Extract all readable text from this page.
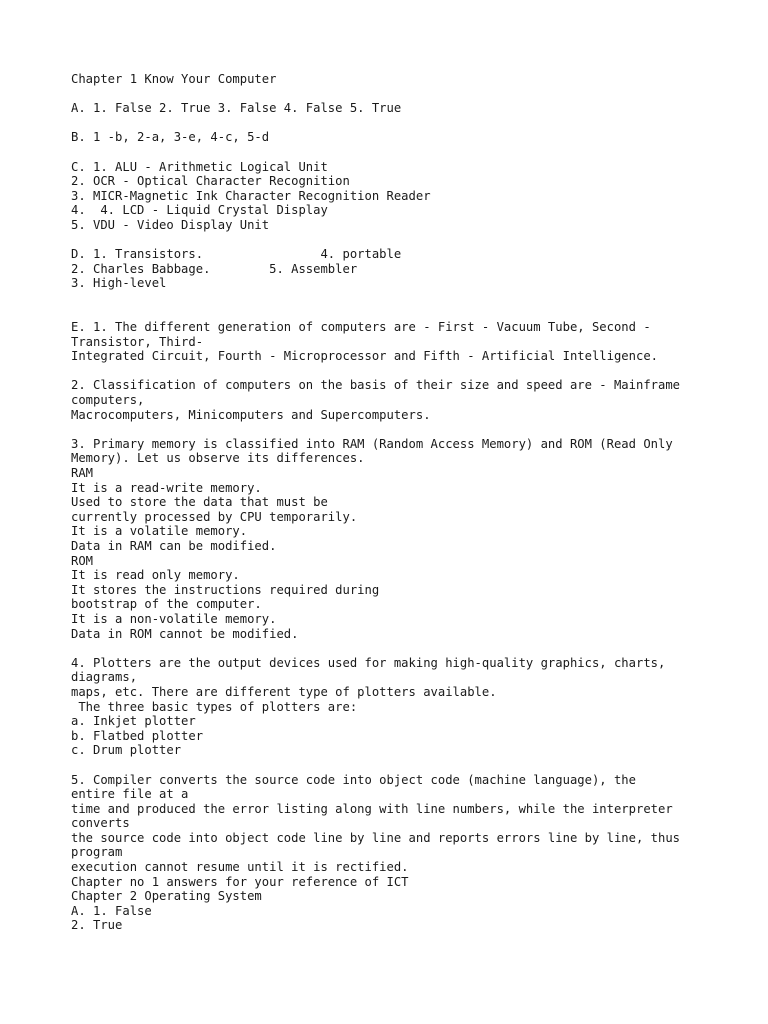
Chapter 1 Know Your Computer
A. 1. False 2. True 3. False 4. False 5. True
B. 1 -b, 2-a, 3-e, 4-c, 5-d
C. 1. ALU - Arithmetic Logical Unit
2. OCR - Optical Character Recognition
3. MICR-Magnetic Ink Character Recognition Reader
4.  4. LCD - Liquid Crystal Display
5. VDU - Video Display Unit
D. 1. Transistors.                4. portable
2. Charles Babbage.        5. Assembler
3. High-level
E. 1. The different generation of computers are - First - Vacuum Tube, Second -
Transistor, Third-
Integrated Circuit, Fourth - Microprocessor and Fifth - Artificial Intelligence.
2. Classification of computers on the basis of their size and speed are - Mainframe
computers,
Macrocomputers, Minicomputers and Supercomputers.
3. Primary memory is classified into RAM (Random Access Memory) and ROM (Read Only
Memory). Let us observe its differences.
RAM
It is a read-write memory.
Used to store the data that must be
currently processed by CPU temporarily.
It is a volatile memory.
Data in RAM can be modified.
ROM
It is read only memory.
It stores the instructions required during
bootstrap of the computer.
It is a non-volatile memory.
Data in ROM cannot be modified.
4. Plotters are the output devices used for making high-quality graphics, charts,
diagrams,
maps, etc. There are different type of plotters available.
The three basic types of plotters are:
a. Inkjet plotter
b. Flatbed plotter
c. Drum plotter
5. Compiler converts the source code into object code (machine language), the
entire file at a
time and produced the error listing along with line numbers, while the interpreter
converts
the source code into object code line by line and reports errors line by line, thus
program
execution cannot resume until it is rectified.
Chapter no 1 answers for your reference of ICT
Chapter 2 Operating System
A. 1. False
2. True
